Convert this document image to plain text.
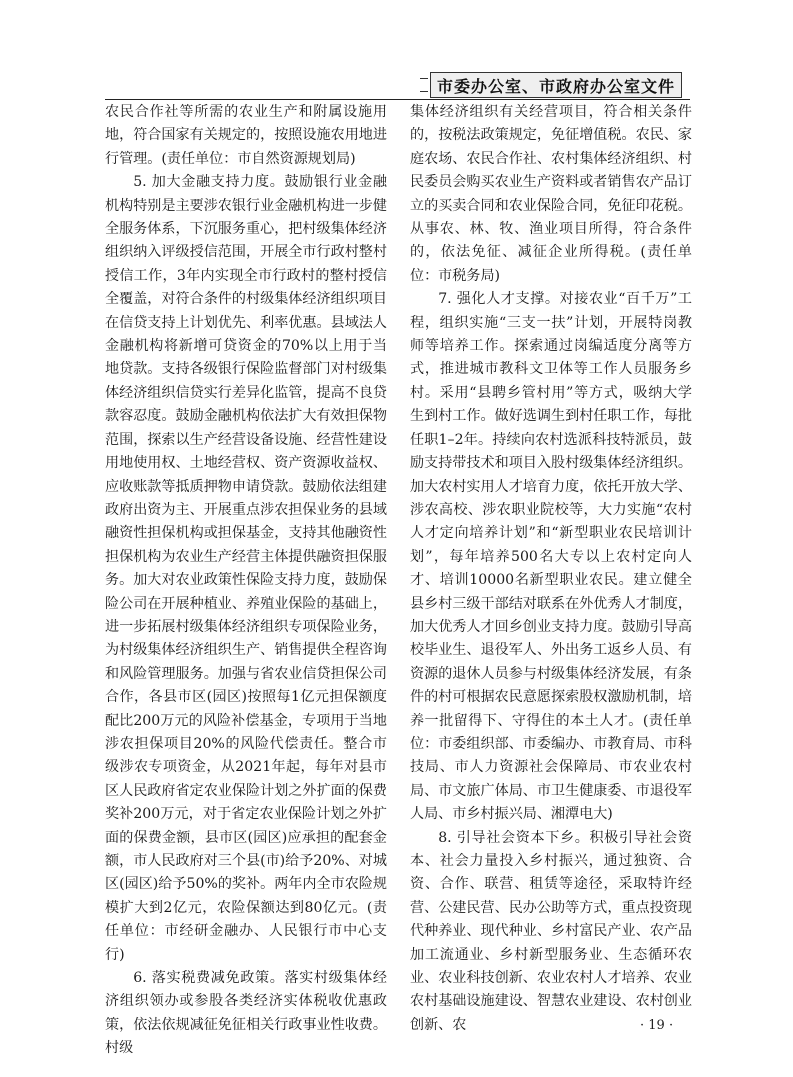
市委办公室、市政府办公室文件

农民合作社等所需的农业生产和附属设施用地，符合国家有关规定的，按照设施农用地进行管理。(责任单位：市自然资源规划局)

5. 加大金融支持力度。鼓励银行业金融机构特别是主要涉农银行业金融机构进一步健全服务体系，下沉服务重心，把村级集体经济组织纳入评级授信范围，开展全市行政村整村授信工作，3年内实现全市行政村的整村授信全覆盖，对符合条件的村级集体经济组织项目在信贷支持上计划优先、利率优惠。县域法人金融机构将新增可贷资金的70%以上用于当地贷款。支持各级银行保险监督部门对村级集体经济组织信贷实行差异化监管，提高不良贷款容忍度。鼓励金融机构依法扩大有效担保物范围，探索以生产经营设备设施、经营性建设用地使用权、土地经营权、资产资源收益权、应收账款等抵质押物申请贷款。鼓励依法组建政府出资为主、开展重点涉农担保业务的县域融资性担保机构或担保基金，支持其他融资性担保机构为农业生产经营主体提供融资担保服务。加大对农业政策性保险支持力度，鼓励保险公司在开展种植业、养殖业保险的基础上，进一步拓展村级集体经济组织专项保险业务，为村级集体经济组织生产、销售提供全程咨询和风险管理服务。加强与省农业信贷担保公司合作，各县市区(园区)按照每1亿元担保额度配比200万元的风险补偿基金，专项用于当地涉农担保项目20%的风险代偿责任。整合市级涉农专项资金，从2021年起，每年对县市区人民政府省定农业保险计划之外扩面的保费奖补200万元，对于省定农业保险计划之外扩面的保费金额，县市区(园区)应承担的配套金额，市人民政府对三个县(市)给予20%、对城区(园区)给予50%的奖补。两年内全市农险规模扩大到2亿元，农险保额达到80亿元。(责任单位：市经研金融办、人民银行市中心支行)

6. 落实税费减免政策。落实村级集体经济组织领办或参股各类经济实体税收优惠政策，依法依规减征免征相关行政事业性收费。村级

集体经济组织有关经营项目，符合相关条件的，按税法政策规定，免征增值税。农民、家庭农场、农民合作社、农村集体经济组织、村民委员会购买农业生产资料或者销售农产品订立的买卖合同和农业保险合同，免征印花税。从事农、林、牧、渔业项目所得，符合条件的，依法免征、减征企业所得税。(责任单位：市税务局)

7. 强化人才支撑。对接农业“百千万”工程，组织实施“三支一扶”计划，开展特岗教师等培养工作。探索通过岗编适度分离等方式，推进城市教科文卫体等工作人员服务乡村。采用“县聘乡管村用”等方式，吸纳大学生到村工作。做好选调生到村任职工作，每批任职1–2年。持续向农村选派科技特派员，鼓励支持带技术和项目入股村级集体经济组织。加大农村实用人才培育力度，依托开放大学、涉农高校、涉农职业院校等，大力实施“农村人才定向培养计划”和“新型职业农民培训计划”，每年培养500名大专以上农村定向人才、培训10000名新型职业农民。建立健全县乡村三级干部结对联系在外优秀人才制度，加大优秀人才回乡创业支持力度。鼓励引导高校毕业生、退役军人、外出务工返乡人员、有资源的退休人员参与村级集体经济发展，有条件的村可根据农民意愿探索股权激励机制，培养一批留得下、守得住的本土人才。(责任单位：市委组织部、市委编办、市教育局、市科技局、市人力资源社会保障局、市农业农村局、市文旅广体局、市卫生健康委、市退役军人局、市乡村振兴局、湘潭电大)

8. 引导社会资本下乡。积极引导社会资本、社会力量投入乡村振兴，通过独资、合资、合作、联营、租赁等途径，采取特许经营、公建民营、民办公助等方式，重点投资现代种养业、现代种业、乡村富民产业、农产品加工流通业、乡村新型服务业、生态循环农业、农业科技创新、农业农村人才培养、农业农村基础设施建设、智慧农业建设、农村创业创新、农	· 19 ·
